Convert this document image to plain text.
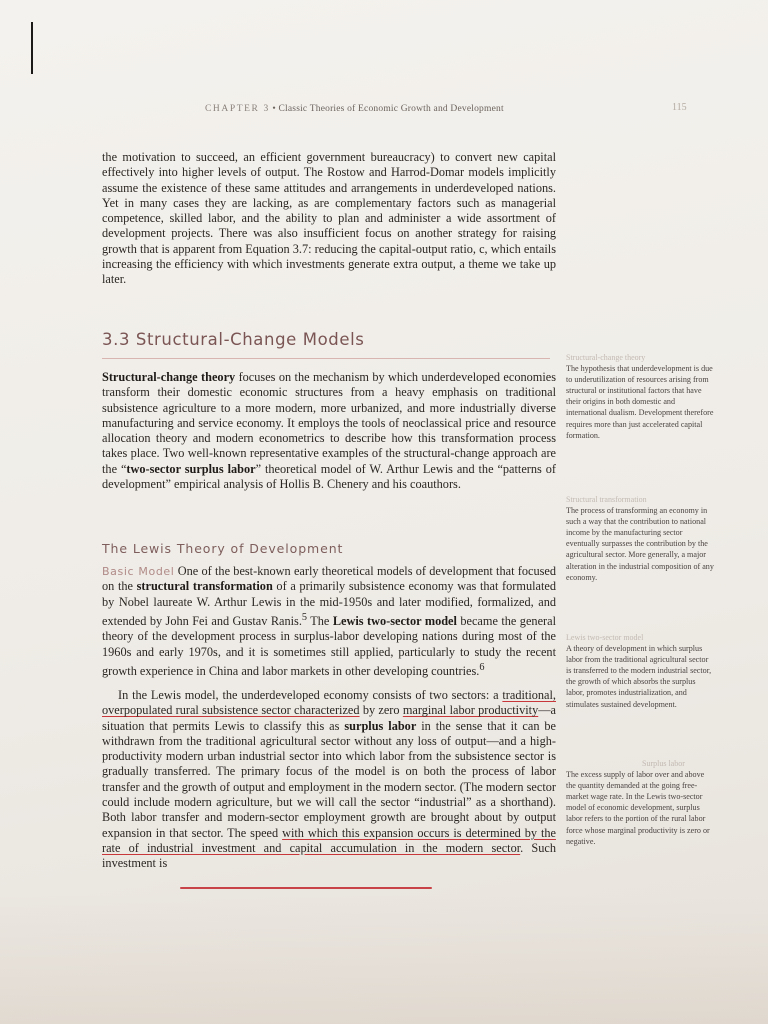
CHAPTER 3 • Classic Theories of Economic Growth and Development	115

the motivation to succeed, an efficient government bureaucracy) to convert new capital effectively into higher levels of output. The Rostow and Harrod-Domar models implicitly assume the existence of these same attitudes and arrangements in underdeveloped nations. Yet in many cases they are lacking, as are complementary factors such as managerial competence, skilled labor, and the ability to plan and administer a wide assortment of development projects. There was also insufficient focus on another strategy for raising growth that is apparent from Equation 3.7: reducing the capital-output ratio, c, which entails increasing the efficiency with which investments generate extra output, a theme we take up later.

3.3 Structural-Change Models

Structural-change theory focuses on the mechanism by which underdeveloped economies transform their domestic economic structures from a heavy emphasis on traditional subsistence agriculture to a more modern, more urbanized, and more industrially diverse manufacturing and service economy. It employs the tools of neoclassical price and resource allocation theory and modern econometrics to describe how this transformation process takes place. Two well-known representative examples of the structural-change approach are the “two-sector surplus labor” theoretical model of W. Arthur Lewis and the “patterns of development” empirical analysis of Hollis B. Chenery and his coauthors.

The Lewis Theory of Development

Basic Model One of the best-known early theoretical models of development that focused on the structural transformation of a primarily subsistence economy was that formulated by Nobel laureate W. Arthur Lewis in the mid-1950s and later modified, formalized, and extended by John Fei and Gustav Ranis.$^5$ The Lewis two-sector model became the general theory of the development process in surplus-labor developing nations during most of the 1960s and early 1970s, and it is sometimes still applied, particularly to study the recent growth experience in China and labor markets in other developing countries.$^6$

In the Lewis model, the underdeveloped economy consists of two sectors: a traditional, overpopulated rural subsistence sector characterized by zero marginal labor productivity—a situation that permits Lewis to classify this as surplus labor in the sense that it can be withdrawn from the traditional agricultural sector without any loss of output—and a high-productivity modern urban industrial sector into which labor from the subsistence sector is gradually transferred. The primary focus of the model is on both the process of labor transfer and the growth of output and employment in the modern sector. (The modern sector could include modern agriculture, but we will call the sector “industrial” as a shorthand). Both labor transfer and modern-sector employment growth are brought about by output expansion in that sector. The speed with which this expansion occurs is determined by the rate of industrial investment and capital accumulation in the modern sector. Such investment is

Structural-change theory
The hypothesis that underdevelopment is due to underutilization of resources arising from structural or institutional factors that have their origins in both domestic and international dualism. Development therefore requires more than just accelerated capital formation.
Structural transformation
The process of transforming an economy in such a way that the contribution to national income by the manufacturing sector eventually surpasses the contribution by the agricultural sector. More generally, a major alteration in the industrial composition of any economy.
Lewis two-sector model
A theory of development in which surplus labor from the traditional agricultural sector is transferred to the modern industrial sector, the growth of which absorbs the surplus labor, promotes industrialization, and stimulates sustained development.
Surplus labor
The excess supply of labor over and above the quantity demanded at the going free-market wage rate. In the Lewis two-sector model of economic development, surplus labor refers to the portion of the rural labor force whose marginal productivity is zero or negative.
